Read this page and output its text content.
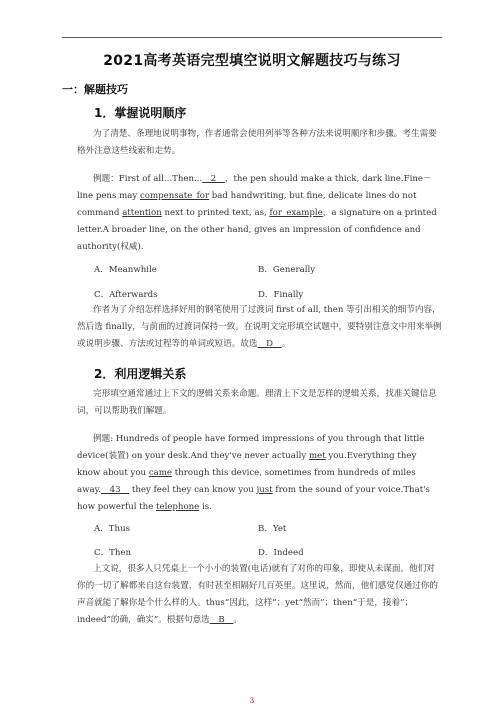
2021高考英语完型填空说明文解题技巧与练习
一：解题技巧
1．掌握说明顺序
为了清楚、条理地说明事物，作者通常会使用列举等各种方法来说明顺序和步骤。考生需要格外注意这些线索和走势。
例题：First of all...Then...__2__，the pen should make a thick, dark line.Fine－line pens may compensate_for bad handwriting, but fine, delicate lines do not command attention next to printed text, as, for_example，a signature on a printed letter.A broader line, on the other hand, gives an impression of confidence and authority(权威).
A．Meanwhile	B．Generally
C．Afterwards	D．Finally
作者为了介绍怎样选择好用的钢笔使用了过渡词 first of all, then 等引出相关的细节内容，然后选 finally，与前面的过渡词保持一致。在说明文完形填空试题中，要特别注意文中用来举例或说明步骤、方法或过程等的单词或短语。故选__D__。
2．利用逻辑关系
完形填空通常通过上下文的逻辑关系来命题。理清上下文是怎样的逻辑关系，找准关键信息词，可以帮助我们解题。
例题: Hundreds of people have formed impressions of you through that little device(装置) on your desk.And they've never actually met you.Everything they know about you came through this device, sometimes from hundreds of miles away.__43__ they feel they can know you just from the sound of your voice.That's how powerful the telephone is.
A．Thus	B．Yet
C．Then	D．Indeed
上文说，很多人只凭桌上一个小小的装置(电话)就有了对你的印象，即使从未谋面。他们对你的一切了解都来自这台装置，有时甚至相隔好几百英里。这里说，然而，他们感觉仅通过你的声音就能了解你是个什么样的人。thus“因此，这样”；yet“然而”；then“于是，接着”；indeed“的确，确实”。根据句意选__B__。
3
